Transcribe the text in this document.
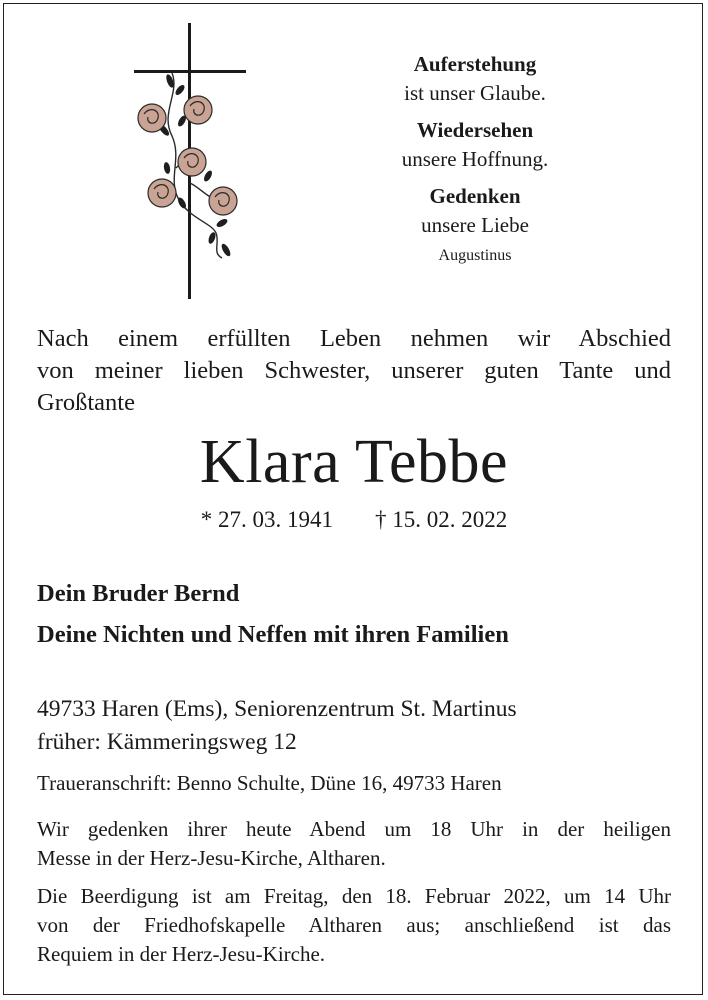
Auferstehung
ist unser Glaube.
Wiedersehen
unsere Hoffnung.
Gedenken
unsere Liebe
Augustinus
Nach einem erfüllten Leben nehmen wir Abschied
von meiner lieben Schwester, unserer guten Tante und
Großtante
Klara Tebbe
* 27. 03. 1941 † 15. 02. 2022
Dein Bruder Bernd
Deine Nichten und Neffen mit ihren Familien
49733 Haren (Ems), Seniorenzentrum St. Martinus
früher: Kämmeringsweg 12
Traueranschrift: Benno Schulte, Düne 16, 49733 Haren
Wir gedenken ihrer heute Abend um 18 Uhr in der heiligen
Messe in der Herz-Jesu-Kirche, Altharen.
Die Beerdigung ist am Freitag, den 18. Februar 2022, um 14 Uhr
von der Friedhofskapelle Altharen aus; anschließend ist das
Requiem in der Herz-Jesu-Kirche.
